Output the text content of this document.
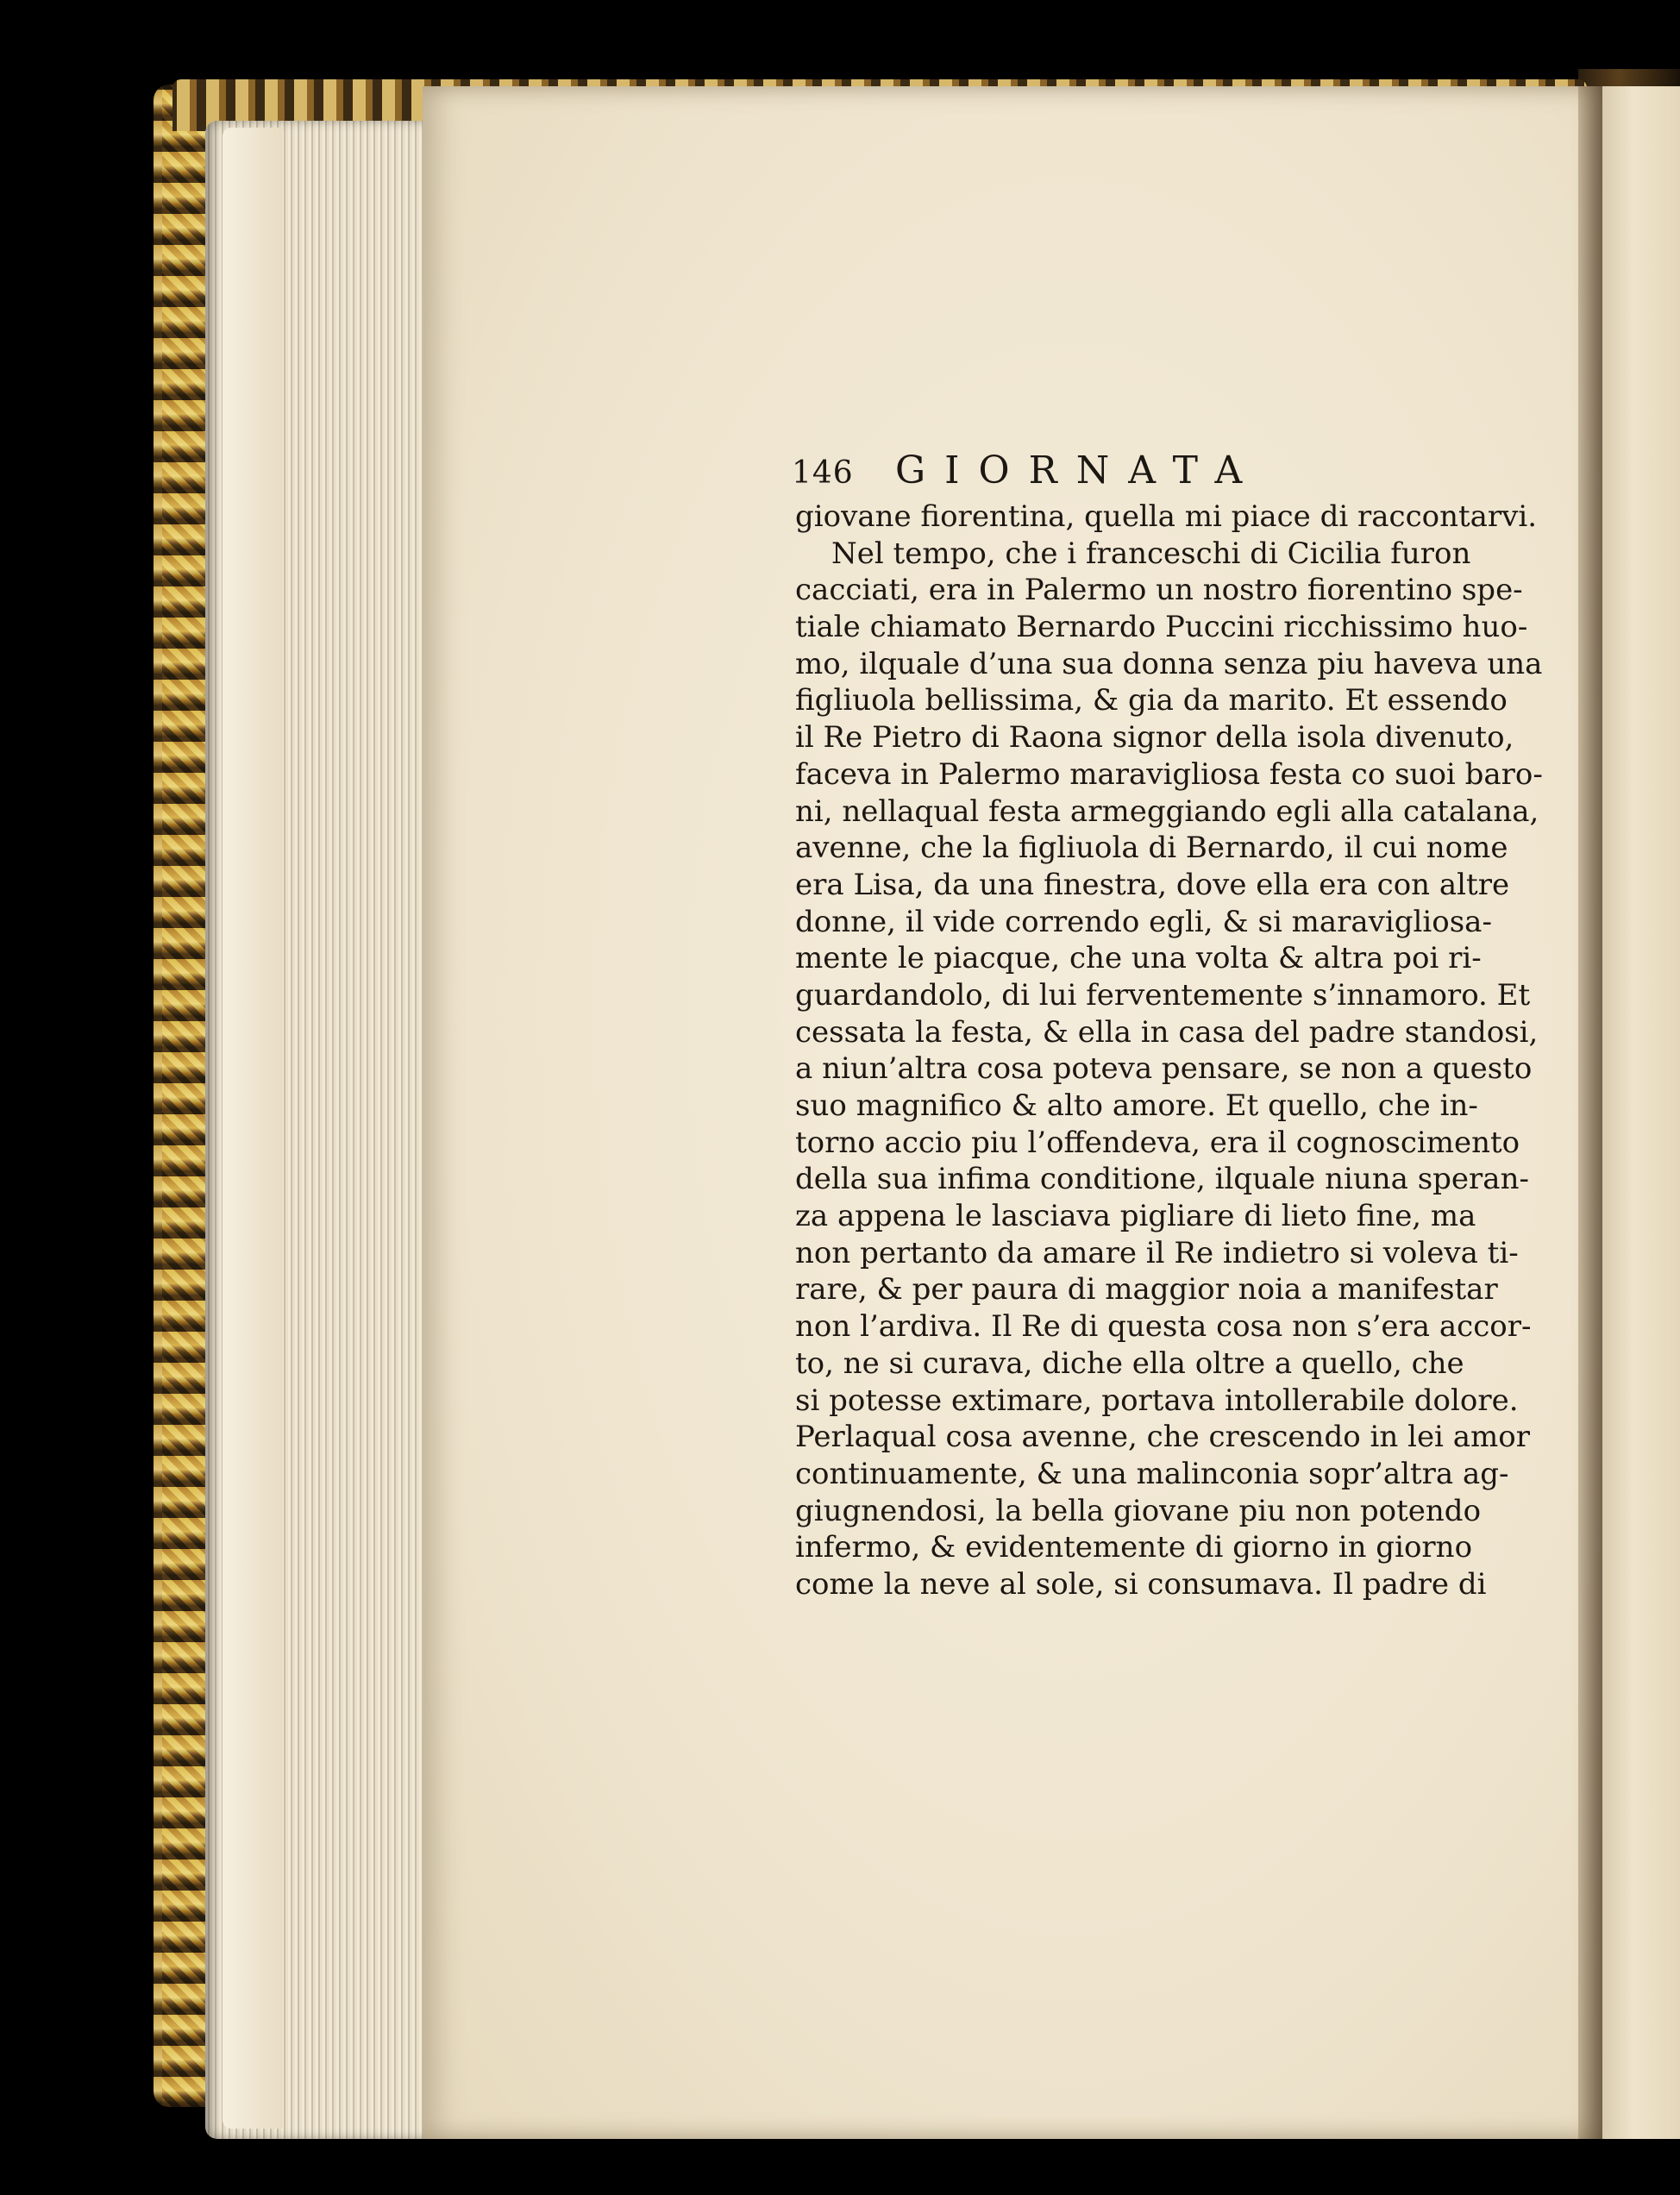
146 GIORNATA
giovane fiorentina, quella mi piace di raccontarvi.
Nel tempo, che i franceschi di Cicilia furon
cacciati, era in Palermo un nostro fiorentino spe-
tiale chiamato Bernardo Puccini ricchissimo huo-
mo, ilquale d’una sua donna senza piu haveva una
figliuola bellissima, & gia da marito. Et essendo
il Re Pietro di Raona signor della isola divenuto,
faceva in Palermo maravigliosa festa co suoi baro-
ni, nellaqual festa armeggiando egli alla catalana,
avenne, che la figliuola di Bernardo, il cui nome
era Lisa, da una finestra, dove ella era con altre
donne, il vide correndo egli, & si maravigliosa-
mente le piacque, che una volta & altra poi ri-
guardandolo, di lui ferventemente s’innamoro. Et
cessata la festa, & ella in casa del padre standosi,
a niun’altra cosa poteva pensare, se non a questo
suo magnifico & alto amore. Et quello, che in-
torno accio piu l’offendeva, era il cognoscimento
della sua infima conditione, ilquale niuna speran-
za appena le lasciava pigliare di lieto fine, ma
non pertanto da amare il Re indietro si voleva ti-
rare, & per paura di maggior noia a manifestar
non l’ardiva. Il Re di questa cosa non s’era accor-
to, ne si curava, diche ella oltre a quello, che
si potesse extimare, portava intollerabile dolore.
Perlaqual cosa avenne, che crescendo in lei amor
continuamente, & una malinconia sopr’altra ag-
giugnendosi, la bella giovane piu non potendo
infermo, & evidentemente di giorno in giorno
come la neve al sole, si consumava. Il padre di
